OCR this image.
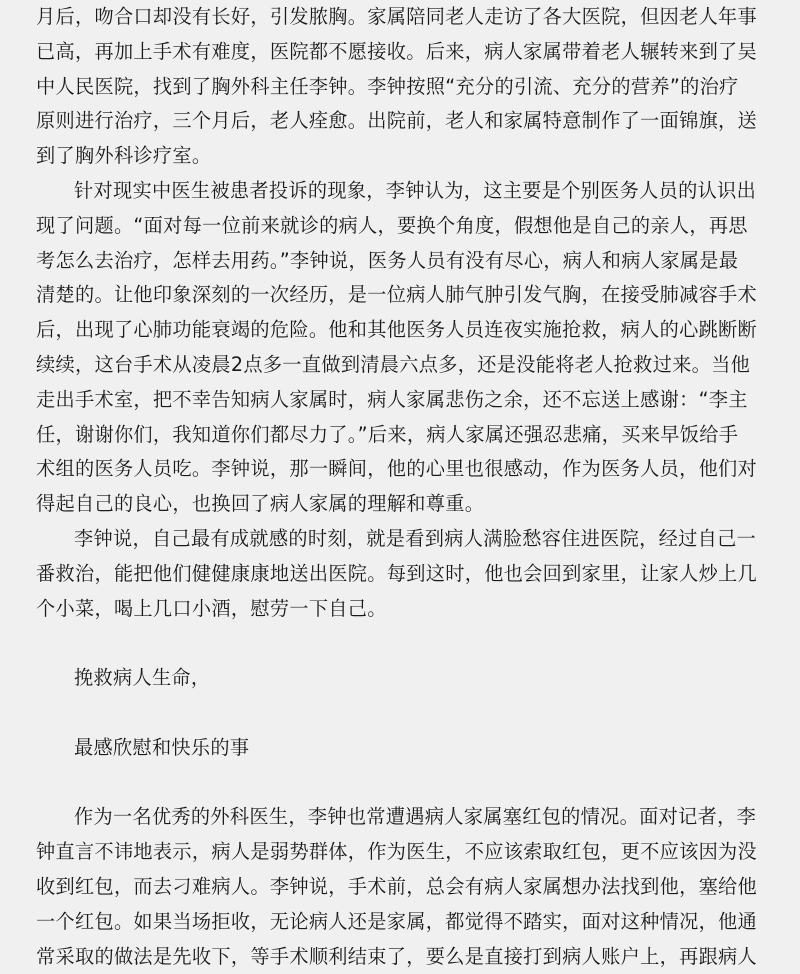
月后，吻合口却没有长好，引发脓胸。家属陪同老人走访了各大医院，但因老人年事
已高，再加上手术有难度，医院都不愿接收。后来，病人家属带着老人辗转来到了吴
中人民医院，找到了胸外科主任李钟。李钟按照“充分的引流、充分的营养”的治疗
原则进行治疗，三个月后，老人痊愈。出院前，老人和家属特意制作了一面锦旗，送
到了胸外科诊疗室。
针对现实中医生被患者投诉的现象，李钟认为，这主要是个别医务人员的认识出
现了问题。“面对每一位前来就诊的病人，要换个角度，假想他是自己的亲人，再思
考怎么去治疗，怎样去用药。”李钟说，医务人员有没有尽心，病人和病人家属是最
清楚的。让他印象深刻的一次经历，是一位病人肺气肿引发气胸，在接受肺减容手术
后，出现了心肺功能衰竭的危险。他和其他医务人员连夜实施抢救，病人的心跳断断
续续，这台手术从凌晨2点多一直做到清晨六点多，还是没能将老人抢救过来。当他
走出手术室，把不幸告知病人家属时，病人家属悲伤之余，还不忘送上感谢：“李主
任，谢谢你们，我知道你们都尽力了。”后来，病人家属还强忍悲痛，买来早饭给手
术组的医务人员吃。李钟说，那一瞬间，他的心里也很感动，作为医务人员，他们对
得起自己的良心，也换回了病人家属的理解和尊重。
李钟说，自己最有成就感的时刻，就是看到病人满脸愁容住进医院，经过自己一
番救治，能把他们健健康康地送出医院。每到这时，他也会回到家里，让家人炒上几
个小菜，喝上几口小酒，慰劳一下自己。
挽救病人生命，
最感欣慰和快乐的事
作为一名优秀的外科医生，李钟也常遭遇病人家属塞红包的情况。面对记者，李
钟直言不讳地表示，病人是弱势群体，作为医生，不应该索取红包，更不应该因为没
收到红包，而去刁难病人。李钟说，手术前，总会有病人家属想办法找到他，塞给他
一个红包。如果当场拒收，无论病人还是家属，都觉得不踏实，面对这种情况，他通
常采取的做法是先收下，等手术顺利结束了，要么是直接打到病人账户上，再跟病人
